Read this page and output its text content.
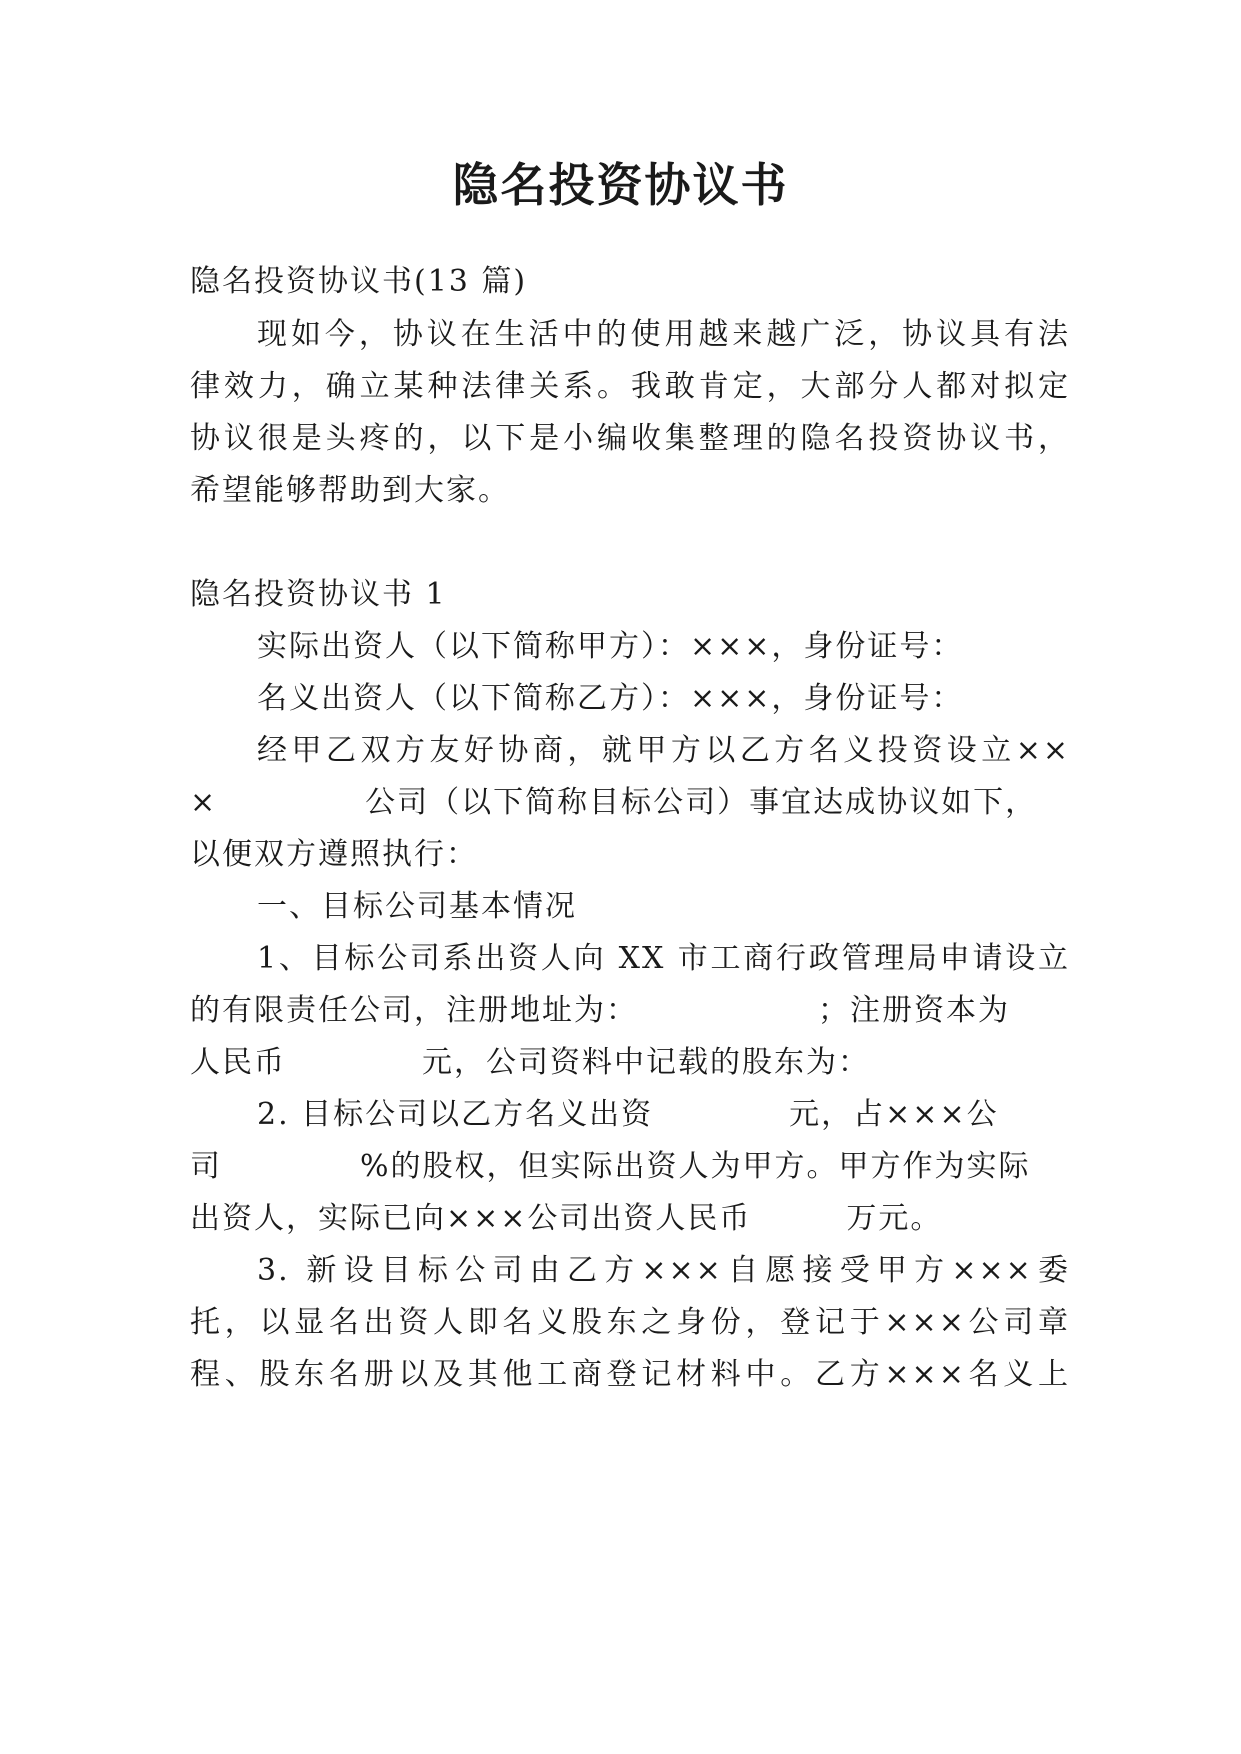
隐名投资协议书
隐名投资协议书(13 篇)
现如今，协议在生活中的使用越来越广泛，协议具有法
律效力，确立某种法律关系。我敢肯定，大部分人都对拟定
协议很是头疼的，以下是小编收集整理的隐名投资协议书，
希望能够帮助到大家。
隐名投资协议书 1
实际出资人（以下简称甲方）：×××，身份证号：
名义出资人（以下简称乙方）：×××，身份证号：
经甲乙双方友好协商，就甲方以乙方名义投资设立××
×	公司（以下简称目标公司）事宜达成协议如下，
以便双方遵照执行：
一、目标公司基本情况
1、目标公司系出资人向 XX 市工商行政管理局申请设立
的有限责任公司，注册地址为：	；注册资本为
人民币	元，公司资料中记载的股东为：
2. 目标公司以乙方名义出资	元，占×××公
司	%的股权，但实际出资人为甲方。甲方作为实际
出资人，实际已向×××公司出资人民币	万元。
3. 新设目标公司由乙方×××自愿接受甲方×××委
托，以显名出资人即名义股东之身份，登记于×××公司章
程、股东名册以及其他工商登记材料中。乙方×××名义上
